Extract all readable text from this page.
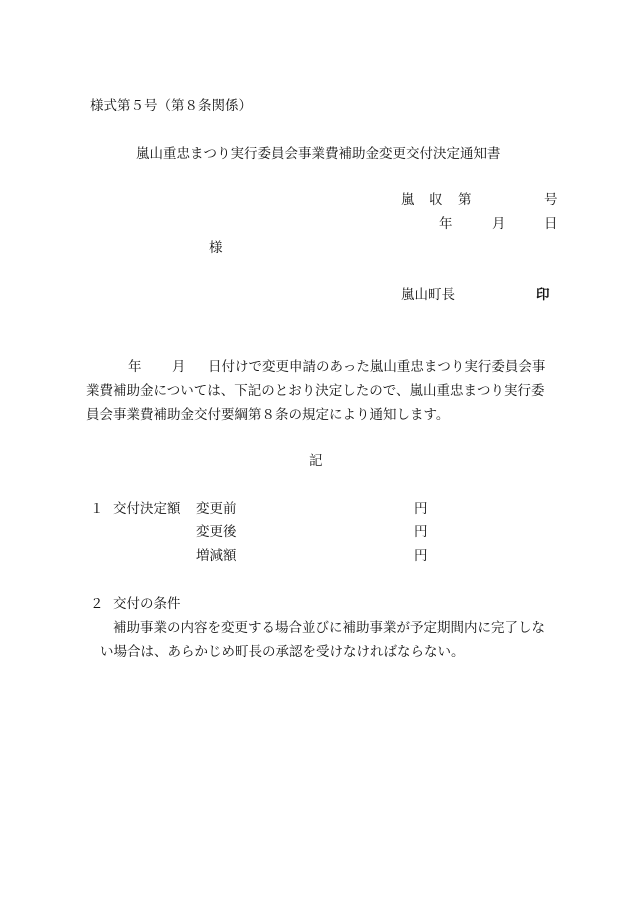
様式第５号（第８条関係）
嵐山重忠まつり実行委員会事業費補助金変更交付決定通知書
嵐 収 第	号
年	月	日
様
嵐山町長	印
年 月 日付けで変更申請のあった嵐山重忠まつり実行委員会事
業費補助金については、下記のとおり決定したので、嵐山重忠まつり実行委
員会事業費補助金交付要綱第８条の規定により通知します。
記
１ 交付決定額 変更前	円
変更後	円
増減額	円
２ 交付の条件
補助事業の内容を変更する場合並びに補助事業が予定期間内に完了しな
い場合は、あらかじめ町長の承認を受けなければならない。
